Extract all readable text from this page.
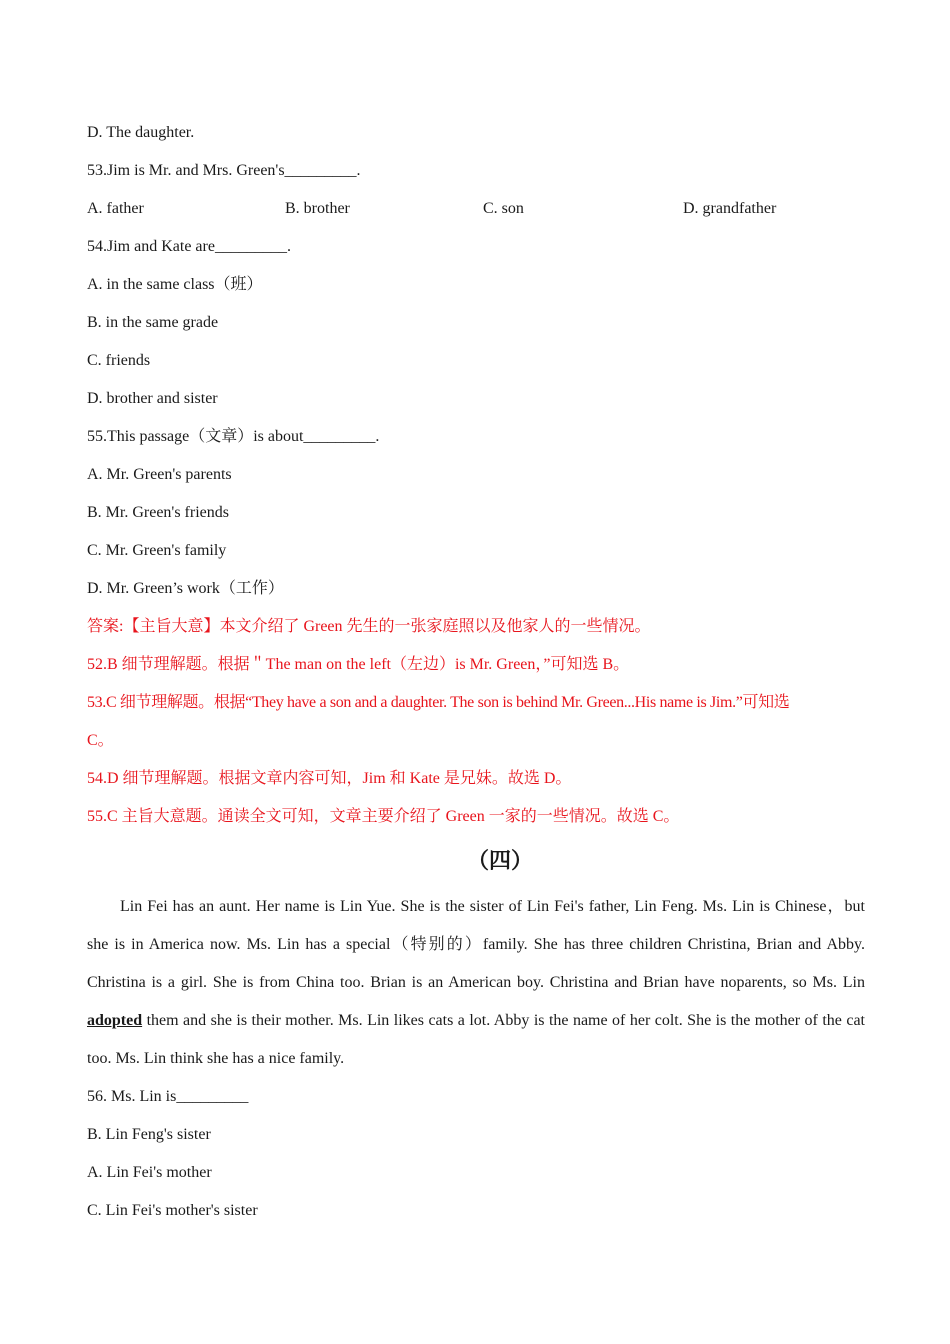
D. The daughter.
53.Jim is Mr. and Mrs. Green's_________.
A. father	B. brother	C. son	D. grandfather
54.Jim and Kate are_________.
A. in the same class（班）
B. in the same grade
C. friends
D. brother and sister
55.This passage（文章）is about_________.
A. Mr. Green's parents
B. Mr. Green's friends
C. Mr. Green's family
D. Mr. Green’s work（工作）
答案:【主旨大意】本文介绍了 Green 先生的一张家庭照以及他家人的一些情况。
52.B 细节理解题。根据＂The man on the left（左边）is Mr. Green，”可知选 B。
53.C 细节理解题。根据“They have a son and a daughter. The son is behind Mr. Green...His name is Jim.”可知选
C。
54.D 细节理解题。根据文章内容可知，Jim 和 Kate 是兄妹。故选 D。
55.C 主旨大意题。通读全文可知，文章主要介绍了 Green 一家的一些情况。故选 C。
（四）
Lin Fei has an aunt. Her name is Lin Yue. She is the sister of Lin Fei's father, Lin Feng. Ms. Lin is Chinese，but she is in America now. Ms. Lin has a special（特别的）family. She has three children Christina, Brian and Abby. Christina is a girl. She is from China too. Brian is an American boy. Christina and Brian have noparents, so Ms. Lin adopted them and she is their mother. Ms. Lin likes cats a lot. Abby is the name of her colt. She is the mother of the cat too. Ms. Lin think she has a nice family.
56. Ms. Lin is_________
B. Lin Feng's sister
A. Lin Fei's mother
C. Lin Fei's mother's sister
